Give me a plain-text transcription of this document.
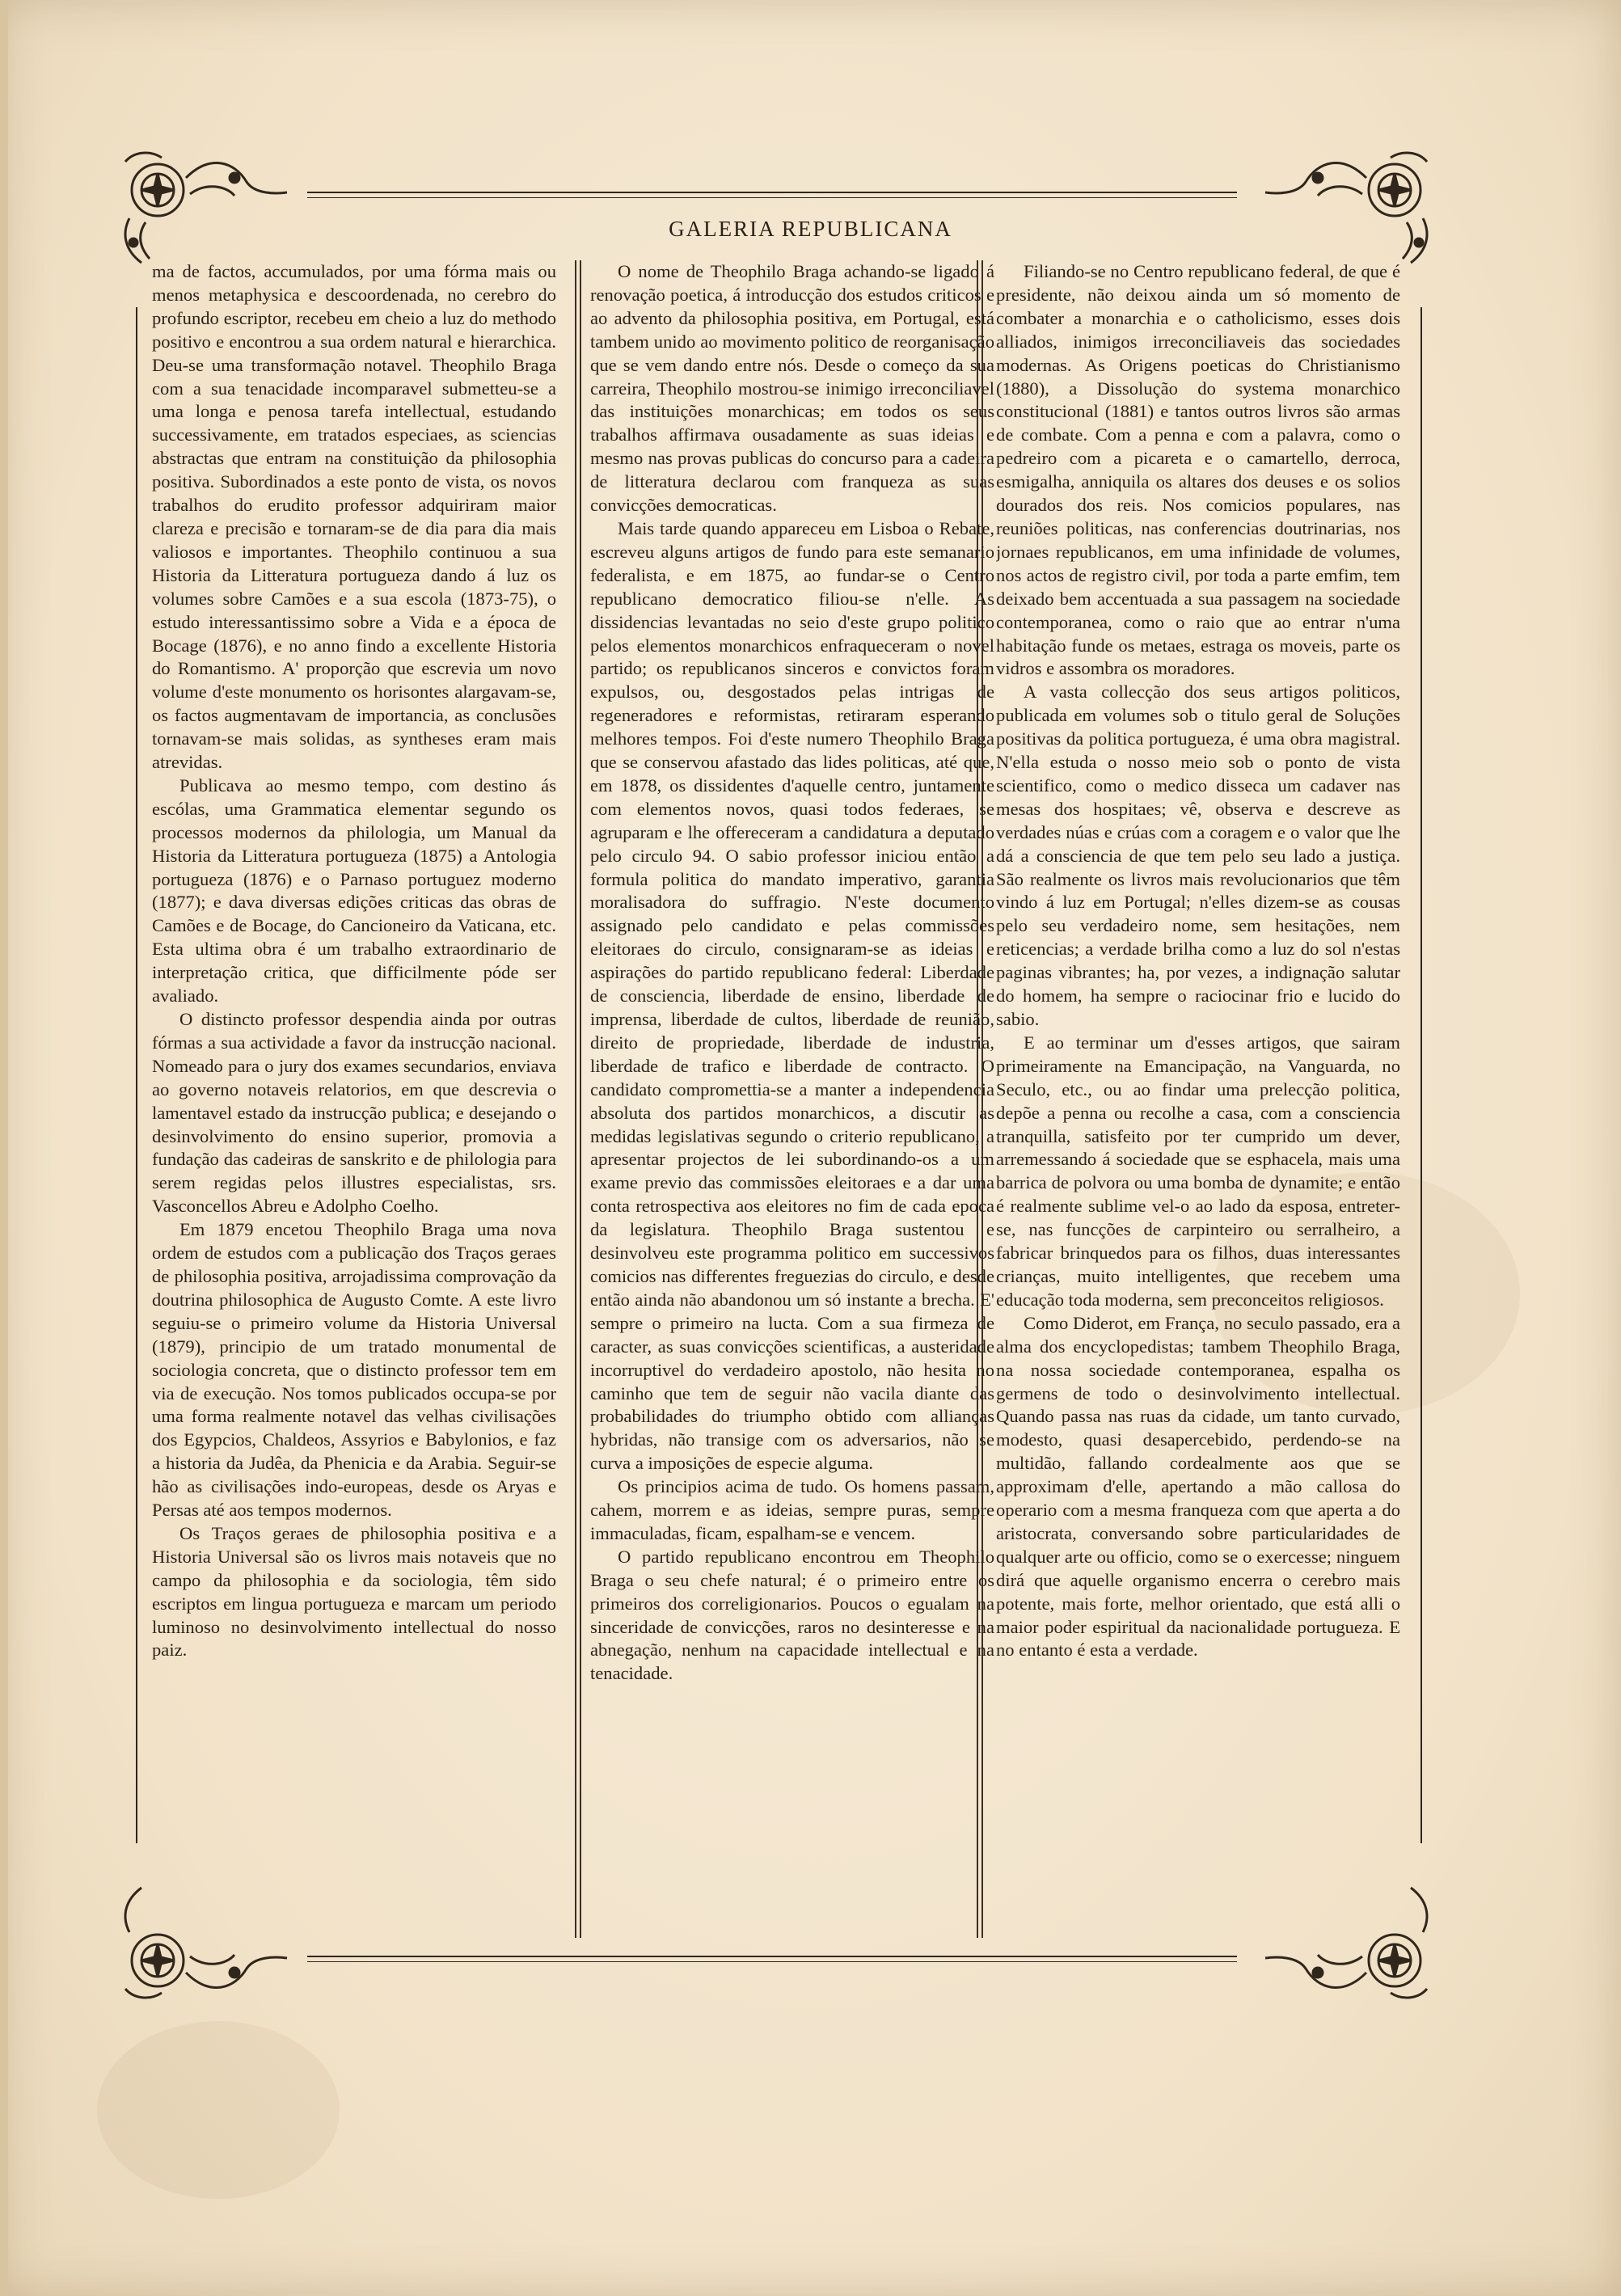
GALERIA REPUBLICANA

ma de factos, accumulados, por uma fórma mais ou menos metaphysica e descoordenada, no cerebro do profundo escriptor, recebeu em cheio a luz do methodo positivo e encontrou a sua ordem natural e hierarchica. Deu-se uma transformação notavel. Theophilo Braga com a sua tenacidade incomparavel submetteu-se a uma longa e penosa tarefa intellectual, estudando successivamente, em tratados especiaes, as sciencias abstractas que entram na constituição da philosophia positiva. Subordinados a este ponto de vista, os novos trabalhos do erudito professor adquiriram maior clareza e precisão e tornaram-se de dia para dia mais valiosos e importantes. Theophilo continuou a sua Historia da Litteratura portugueza dando á luz os volumes sobre Camões e a sua escola (1873-75), o estudo interessantissimo sobre a Vida e a época de Bocage (1876), e no anno findo a excellente Historia do Romantismo. A' proporção que escrevia um novo volume d'este monumento os horisontes alargavam-se, os factos augmentavam de importancia, as conclusões tornavam-se mais solidas, as syntheses eram mais atrevidas.

Publicava ao mesmo tempo, com destino ás escólas, uma Grammatica elementar segundo os processos modernos da philologia, um Manual da Historia da Litteratura portugueza (1875) a Antologia portugueza (1876) e o Parnaso portuguez moderno (1877); e dava diversas edições criticas das obras de Camões e de Bocage, do Cancioneiro da Vaticana, etc. Esta ultima obra é um trabalho extraordinario de interpretação critica, que difficilmente póde ser avaliado.

O distincto professor despendia ainda por outras fórmas a sua actividade a favor da instrucção nacional. Nomeado para o jury dos exames secundarios, enviava ao governo notaveis relatorios, em que descrevia o lamentavel estado da instrucção publica; e desejando o desinvolvimento do ensino superior, promovia a fundação das cadeiras de sanskrito e de philologia para serem regidas pelos illustres especialistas, srs. Vasconcellos Abreu e Adolpho Coelho.

Em 1879 encetou Theophilo Braga uma nova ordem de estudos com a publicação dos Traços geraes de philosophia positiva, arrojadissima comprovação da doutrina philosophica de Augusto Comte. A este livro seguiu-se o primeiro volume da Historia Universal (1879), principio de um tratado monumental de sociologia concreta, que o distincto professor tem em via de execução. Nos tomos publicados occupa-se por uma forma realmente notavel das velhas civilisações dos Egypcios, Chaldeos, Assyrios e Babylonios, e faz a historia da Judêa, da Phenicia e da Arabia. Seguir-se hão as civilisações indo-europeas, desde os Aryas e Persas até aos tempos modernos.

Os Traços geraes de philosophia positiva e a Historia Universal são os livros mais notaveis que no campo da philosophia e da sociologia, têm sido escriptos em lingua portugueza e marcam um periodo luminoso no desinvolvimento intellectual do nosso paiz.

O nome de Theophilo Braga achando-se ligado á renovação poetica, á introducção dos estudos criticos e ao advento da philosophia positiva, em Portugal, está tambem unido ao movimento politico de reorganisação que se vem dando entre nós. Desde o começo da sua carreira, Theophilo mostrou-se inimigo irreconciliavel das instituições monarchicas; em todos os seus trabalhos affirmava ousadamente as suas ideias e mesmo nas provas publicas do concurso para a cadeira de litteratura declarou com franqueza as suas convicções democraticas.

Mais tarde quando appareceu em Lisboa o Rebate, escreveu alguns artigos de fundo para este semanario federalista, e em 1875, ao fundar-se o Centro republicano democratico filiou-se n'elle. As dissidencias levantadas no seio d'este grupo politico pelos elementos monarchicos enfraqueceram o novel partido; os republicanos sinceros e convictos foram expulsos, ou, desgostados pelas intrigas de regeneradores e reformistas, retiraram esperando melhores tempos. Foi d'este numero Theophilo Braga que se conservou afastado das lides politicas, até que, em 1878, os dissidentes d'aquelle centro, juntamente com elementos novos, quasi todos federaes, se agruparam e lhe offereceram a candidatura a deputado pelo circulo 94. O sabio professor iniciou então a formula politica do mandato imperativo, garantia moralisadora do suffragio. N'este documento assignado pelo candidato e pelas commissões eleitoraes do circulo, consignaram-se as ideias e aspirações do partido republicano federal: Liberdade de consciencia, liberdade de ensino, liberdade de imprensa, liberdade de cultos, liberdade de reunião, direito de propriedade, liberdade de industria, liberdade de trafico e liberdade de contracto. O candidato compromettia-se a manter a independencia absoluta dos partidos monarchicos, a discutir as medidas legislativas segundo o criterio republicano, a apresentar projectos de lei subordinando-os a um exame previo das commissões eleitoraes e a dar uma conta retrospectiva aos eleitores no fim de cada epoca da legislatura. Theophilo Braga sustentou e desinvolveu este programma politico em successivos comicios nas differentes freguezias do circulo, e desde então ainda não abandonou um só instante a brecha. E' sempre o primeiro na lucta. Com a sua firmeza de caracter, as suas convicções scientificas, a austeridade incorruptivel do verdadeiro apostolo, não hesita no caminho que tem de seguir não vacila diante das probabilidades do triumpho obtido com allianças hybridas, não transige com os adversarios, não se curva a imposições de especie alguma.

Os principios acima de tudo. Os homens passam, cahem, morrem e as ideias, sempre puras, sempre immaculadas, ficam, espalham-se e vencem.

O partido republicano encontrou em Theophilo Braga o seu chefe natural; é o primeiro entre os primeiros dos correligionarios. Poucos o egualam na sinceridade de convicções, raros no desinteresse e na abnegação, nenhum na capacidade intellectual e na tenacidade.

Filiando-se no Centro republicano federal, de que é presidente, não deixou ainda um só momento de combater a monarchia e o catholicismo, esses dois alliados, inimigos irreconciliaveis das sociedades modernas. As Origens poeticas do Christianismo (1880), a Dissolução do systema monarchico constitucional (1881) e tantos outros livros são armas de combate. Com a penna e com a palavra, como o pedreiro com a picareta e o camartello, derroca, esmigalha, anniquila os altares dos deuses e os solios dourados dos reis. Nos comicios populares, nas reuniões politicas, nas conferencias doutrinarias, nos jornaes republicanos, em uma infinidade de volumes, nos actos de registro civil, por toda a parte emfim, tem deixado bem accentuada a sua passagem na sociedade contemporanea, como o raio que ao entrar n'uma habitação funde os metaes, estraga os moveis, parte os vidros e assombra os moradores.

A vasta collecção dos seus artigos politicos, publicada em volumes sob o titulo geral de Soluções positivas da politica portugueza, é uma obra magistral. N'ella estuda o nosso meio sob o ponto de vista scientifico, como o medico disseca um cadaver nas mesas dos hospitaes; vê, observa e descreve as verdades núas e crúas com a coragem e o valor que lhe dá a consciencia de que tem pelo seu lado a justiça. São realmente os livros mais revolucionarios que têm vindo á luz em Portugal; n'elles dizem-se as cousas pelo seu verdadeiro nome, sem hesitações, nem reticencias; a verdade brilha como a luz do sol n'estas paginas vibrantes; ha, por vezes, a indignação salutar do homem, ha sempre o raciocinar frio e lucido do sabio.

E ao terminar um d'esses artigos, que sairam primeiramente na Emancipação, na Vanguarda, no Seculo, etc., ou ao findar uma prelecção politica, depõe a penna ou recolhe a casa, com a consciencia tranquilla, satisfeito por ter cumprido um dever, arremessando á sociedade que se esphacela, mais uma barrica de polvora ou uma bomba de dynamite; e então é realmente sublime vel-o ao lado da esposa, entreter-se, nas funcções de carpinteiro ou serralheiro, a fabricar brinquedos para os filhos, duas interessantes crianças, muito intelligentes, que recebem uma educação toda moderna, sem preconceitos religiosos.

Como Diderot, em França, no seculo passado, era a alma dos encyclopedistas; tambem Theophilo Braga, na nossa sociedade contemporanea, espalha os germens de todo o desinvolvimento intellectual. Quando passa nas ruas da cidade, um tanto curvado, modesto, quasi desapercebido, perdendo-se na multidão, fallando cordealmente aos que se approximam d'elle, apertando a mão callosa do operario com a mesma franqueza com que aperta a do aristocrata, conversando sobre particularidades de qualquer arte ou officio, como se o exercesse; ninguem dirá que aquelle organismo encerra o cerebro mais potente, mais forte, melhor orientado, que está alli o maior poder espiritual da nacionalidade portugueza. E no entanto é esta a verdade.
